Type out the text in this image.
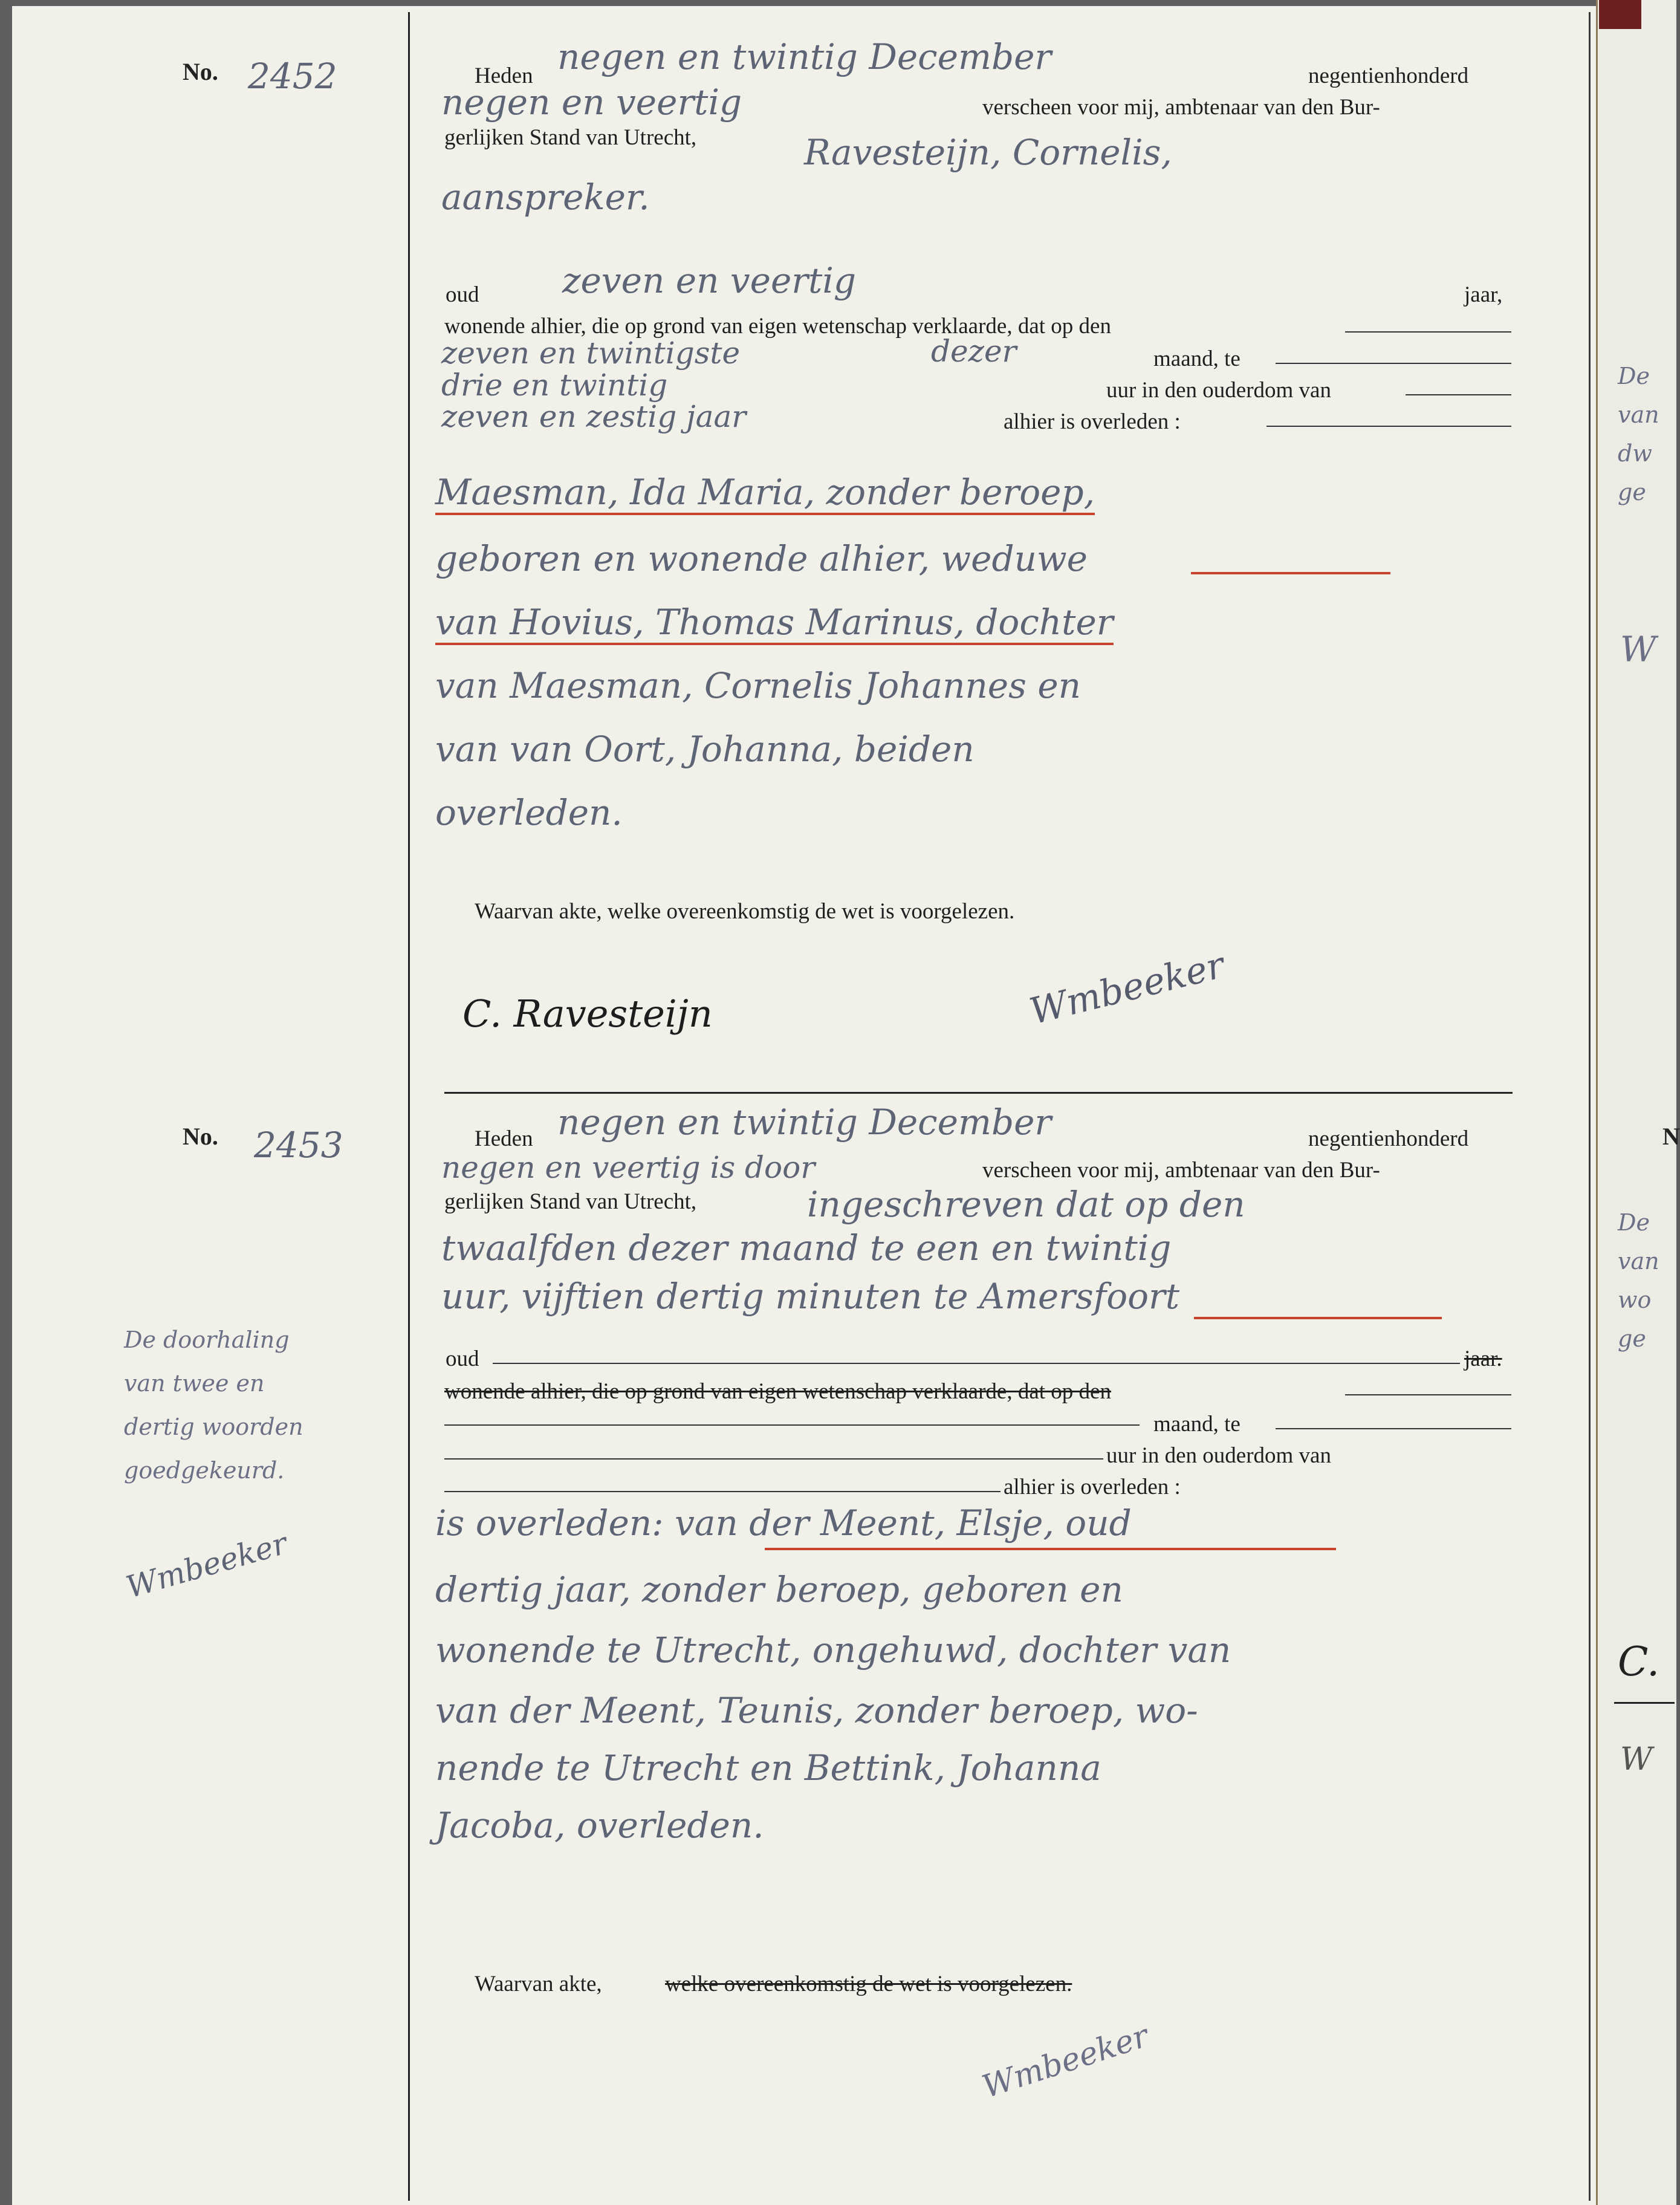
No. 2452	Heden negen en twintig December	negentienhonderd
negen en veertig	verscheen voor mij, ambtenaar van den Bur-
gerlijken Stand van Utrecht,	Ravesteijn, Cornelis,
aanspreker.
oud zeven en veertig	jaar,
wonende alhier, die op grond van eigen wetenschap verklaarde, dat op den
zeven en twintigste	dezer	maand, te
drie en twintig	uur in den ouderdom van
zeven en zestig jaar	alhier is overleden :
Maesman, Ida Maria, zonder beroep,
geboren en wonende alhier, weduwe
van Hovius, Thomas Marinus, dochter
van Maesman, Cornelis Johannes en
van van Oort, Johanna, beiden
overleden.
Waarvan akte, welke overeenkomstig de wet is voorgelezen.
C. Ravesteijn	Wmbeeker
No. 2453	Heden negen en twintig December	negentienhonderd
negen en veertig is door	verscheen voor mij, ambtenaar van den Bur-
gerlijken Stand van Utrecht,	ingeschreven dat op den
twaalfden dezer maand te een en twintig
uur, vijftien dertig minuten te Amersfoort
oud	jaar.
wonende alhier, die op grond van eigen wetenschap verklaarde, dat op den
maand, te
uur in den ouderdom van
alhier is overleden :
is overleden: van der Meent, Elsje, oud
dertig jaar, zonder beroep, geboren en
wonende te Utrecht, ongehuwd, dochter van
van der Meent, Teunis, zonder beroep, wo-
nende te Utrecht en Bettink, Johanna
Jacoba, overleden.
Waarvan akte,	welke overeenkomstig de wet is voorgelezen.
Wmbeeker
De doorhaling
van twee en
dertig woorden
goedgekeurd.
Wmbeeker
De
van
dw
ge
W
N
De
van
wo
ge
C.
W
